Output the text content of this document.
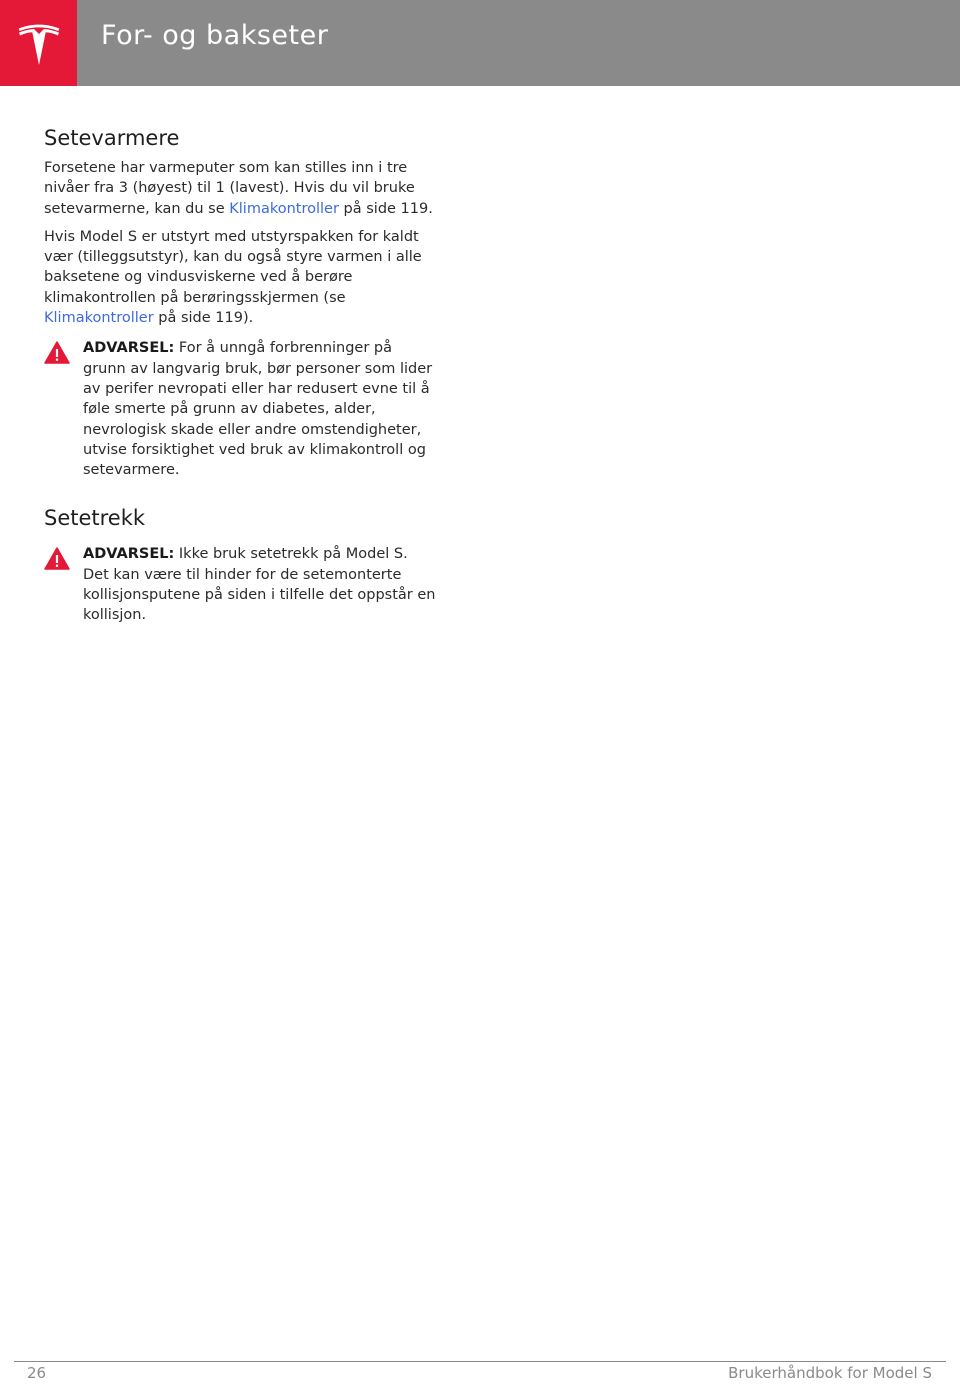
For- og bakseter
Setevarmere

Forsetene har varmeputer som kan stilles inn i tre nivåer fra 3 (høyest) til 1 (lavest). Hvis du vil bruke setevarmerne, kan du se Klimakontroller på side 119.

Hvis Model S er utstyrt med utstyrspakken for kaldt vær (tilleggsutstyr), kan du også styre varmen i alle baksetene og vindusviskerne ved å berøre klimakontrollen på berøringsskjermen (se Klimakontroller på side 119).

ADVARSEL: For å unngå forbrenninger på grunn av langvarig bruk, bør personer som lider av perifer nevropati eller har redusert evne til å føle smerte på grunn av diabetes, alder, nevrologisk skade eller andre omstendigheter, utvise forsiktighet ved bruk av klimakontroll og setevarmere.
Setetrekk
ADVARSEL: Ikke bruk setetrekk på Model S. Det kan være til hinder for de setemonterte kollisjonsputene på siden i tilfelle det oppstår en kollisjon.
26	Brukerhåndbok for Model S
